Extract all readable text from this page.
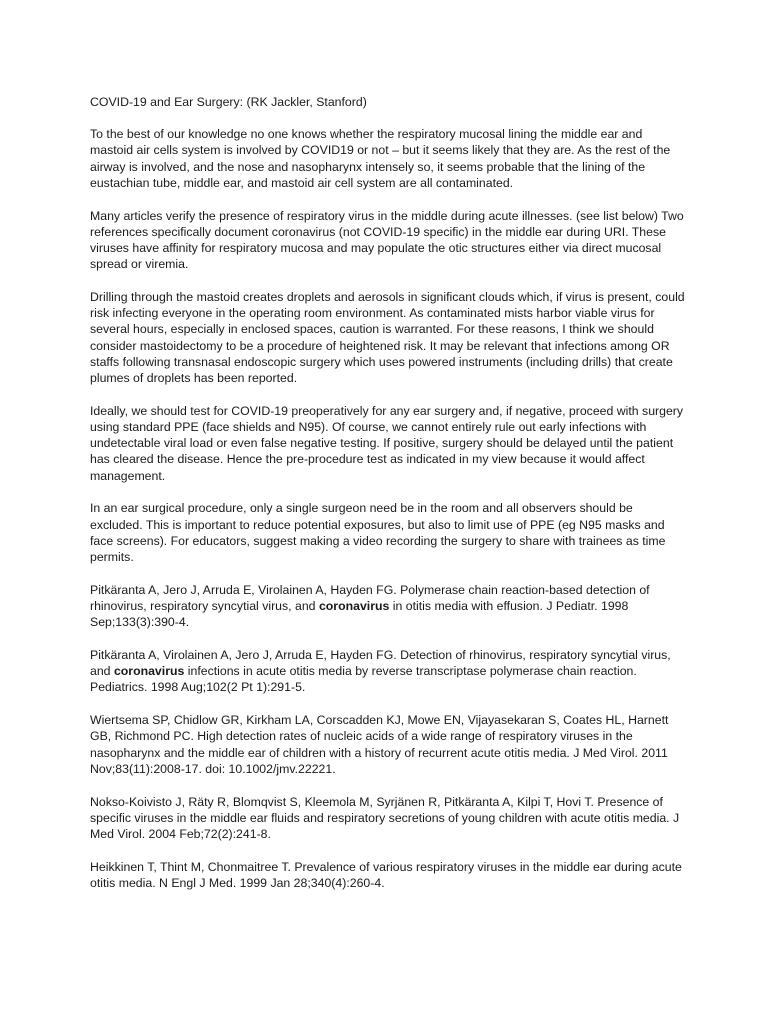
COVID-19 and Ear Surgery: (RK Jackler, Stanford)

To the best of our knowledge no one knows whether the respiratory mucosal lining the middle ear and mastoid air cells system is involved by COVID19 or not – but it seems likely that they are. As the rest of the airway is involved, and the nose and nasopharynx intensely so, it seems probable that the lining of the eustachian tube, middle ear, and mastoid air cell system are all contaminated.

Many articles verify the presence of respiratory virus in the middle during acute illnesses. (see list below) Two references specifically document coronavirus (not COVID-19 specific) in the middle ear during URI. These viruses have affinity for respiratory mucosa and may populate the otic structures either via direct mucosal spread or viremia.

Drilling through the mastoid creates droplets and aerosols in significant clouds which, if virus is present, could risk infecting everyone in the operating room environment. As contaminated mists harbor viable virus for several hours, especially in enclosed spaces, caution is warranted. For these reasons, I think we should consider mastoidectomy to be a procedure of heightened risk. It may be relevant that infections among OR staffs following transnasal endoscopic surgery which uses powered instruments (including drills) that create plumes of droplets has been reported.

Ideally, we should test for COVID-19 preoperatively for any ear surgery and, if negative, proceed with surgery using standard PPE (face shields and N95). Of course, we cannot entirely rule out early infections with undetectable viral load or even false negative testing. If positive, surgery should be delayed until the patient has cleared the disease. Hence the pre-procedure test as indicated in my view because it would affect management.

In an ear surgical procedure, only a single surgeon need be in the room and all observers should be excluded. This is important to reduce potential exposures, but also to limit use of PPE (eg N95 masks and face screens). For educators, suggest making a video recording the surgery to share with trainees as time permits.

Pitkäranta A, Jero J, Arruda E, Virolainen A, Hayden FG. Polymerase chain reaction-based detection of rhinovirus, respiratory syncytial virus, and coronavirus in otitis media with effusion. J Pediatr. 1998 Sep;133(3):390-4.

Pitkäranta A, Virolainen A, Jero J, Arruda E, Hayden FG. Detection of rhinovirus, respiratory syncytial virus, and coronavirus infections in acute otitis media by reverse transcriptase polymerase chain reaction. Pediatrics. 1998 Aug;102(2 Pt 1):291-5.

Wiertsema SP, Chidlow GR, Kirkham LA, Corscadden KJ, Mowe EN, Vijayasekaran S, Coates HL, Harnett GB, Richmond PC. High detection rates of nucleic acids of a wide range of respiratory viruses in the nasopharynx and the middle ear of children with a history of recurrent acute otitis media. J Med Virol. 2011 Nov;83(11):2008-17. doi: 10.1002/jmv.22221.

Nokso-Koivisto J, Räty R, Blomqvist S, Kleemola M, Syrjänen R, Pitkäranta A, Kilpi T, Hovi T. Presence of specific viruses in the middle ear fluids and respiratory secretions of young children with acute otitis media. J Med Virol. 2004 Feb;72(2):241-8.

Heikkinen T, Thint M, Chonmaitree T. Prevalence of various respiratory viruses in the middle ear during acute otitis media. N Engl J Med. 1999 Jan 28;340(4):260-4.
